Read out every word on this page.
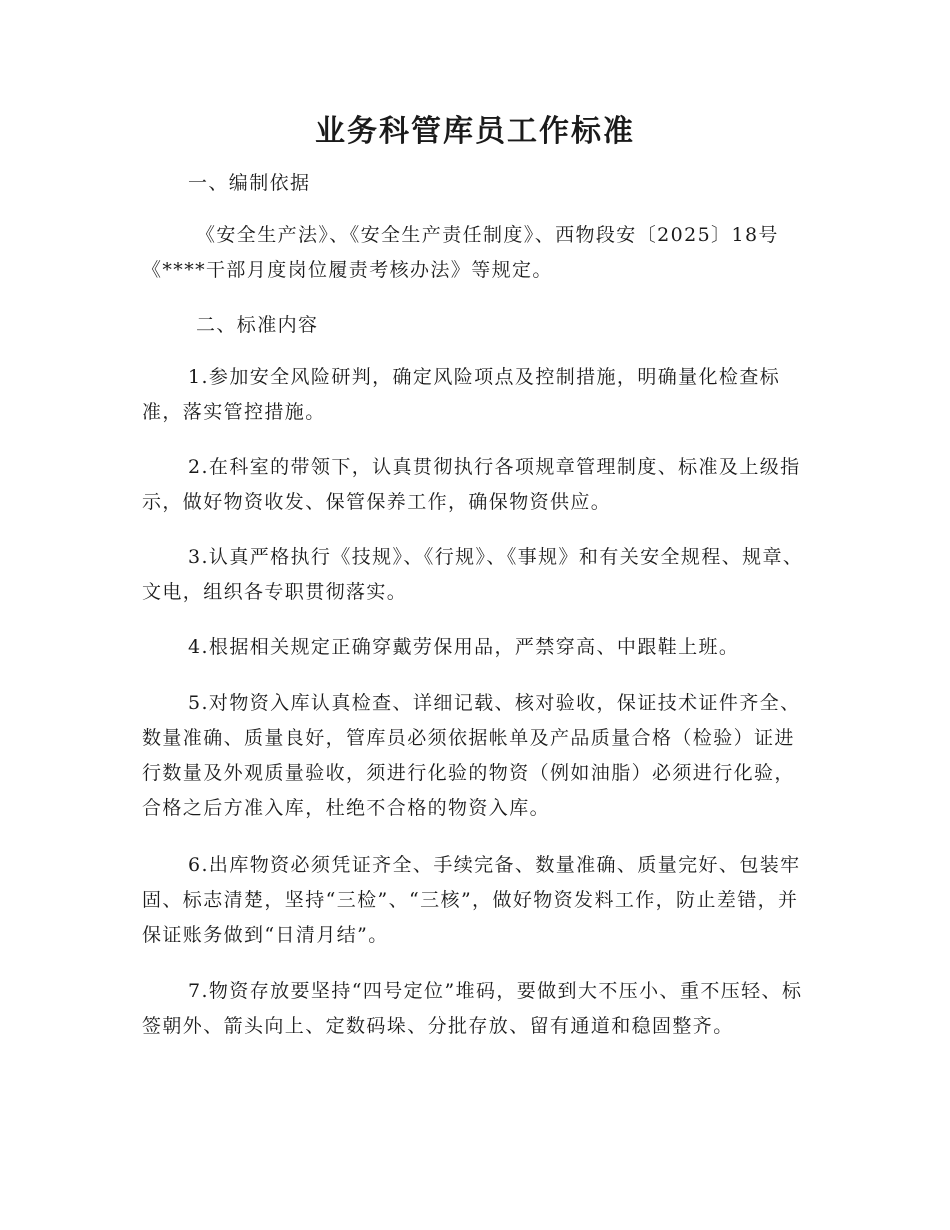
业务科管库员工作标准
一、编制依据
《安全生产法》、《安全生产责任制度》、西物段安〔2025〕18号《****干部月度岗位履责考核办法》等规定。
二、标准内容
1.参加安全风险研判，确定风险项点及控制措施，明确量化检查标准，落实管控措施。
2.在科室的带领下，认真贯彻执行各项规章管理制度、标准及上级指示，做好物资收发、保管保养工作，确保物资供应。
3.认真严格执行《技规》、《行规》、《事规》和有关安全规程、规章、文电，组织各专职贯彻落实。
4.根据相关规定正确穿戴劳保用品，严禁穿高、中跟鞋上班。
5.对物资入库认真检查、详细记载、核对验收，保证技术证件齐全、数量准确、质量良好，管库员必须依据帐单及产品质量合格（检验）证进行数量及外观质量验收，须进行化验的物资（例如油脂）必须进行化验，合格之后方准入库，杜绝不合格的物资入库。
6.出库物资必须凭证齐全、手续完备、数量准确、质量完好、包装牢固、标志清楚，坚持“三检”、“三核”，做好物资发料工作，防止差错，并保证账务做到“日清月结”。
7.物资存放要坚持“四号定位”堆码，要做到大不压小、重不压轻、标签朝外、箭头向上、定数码垛、分批存放、留有通道和稳固整齐。
